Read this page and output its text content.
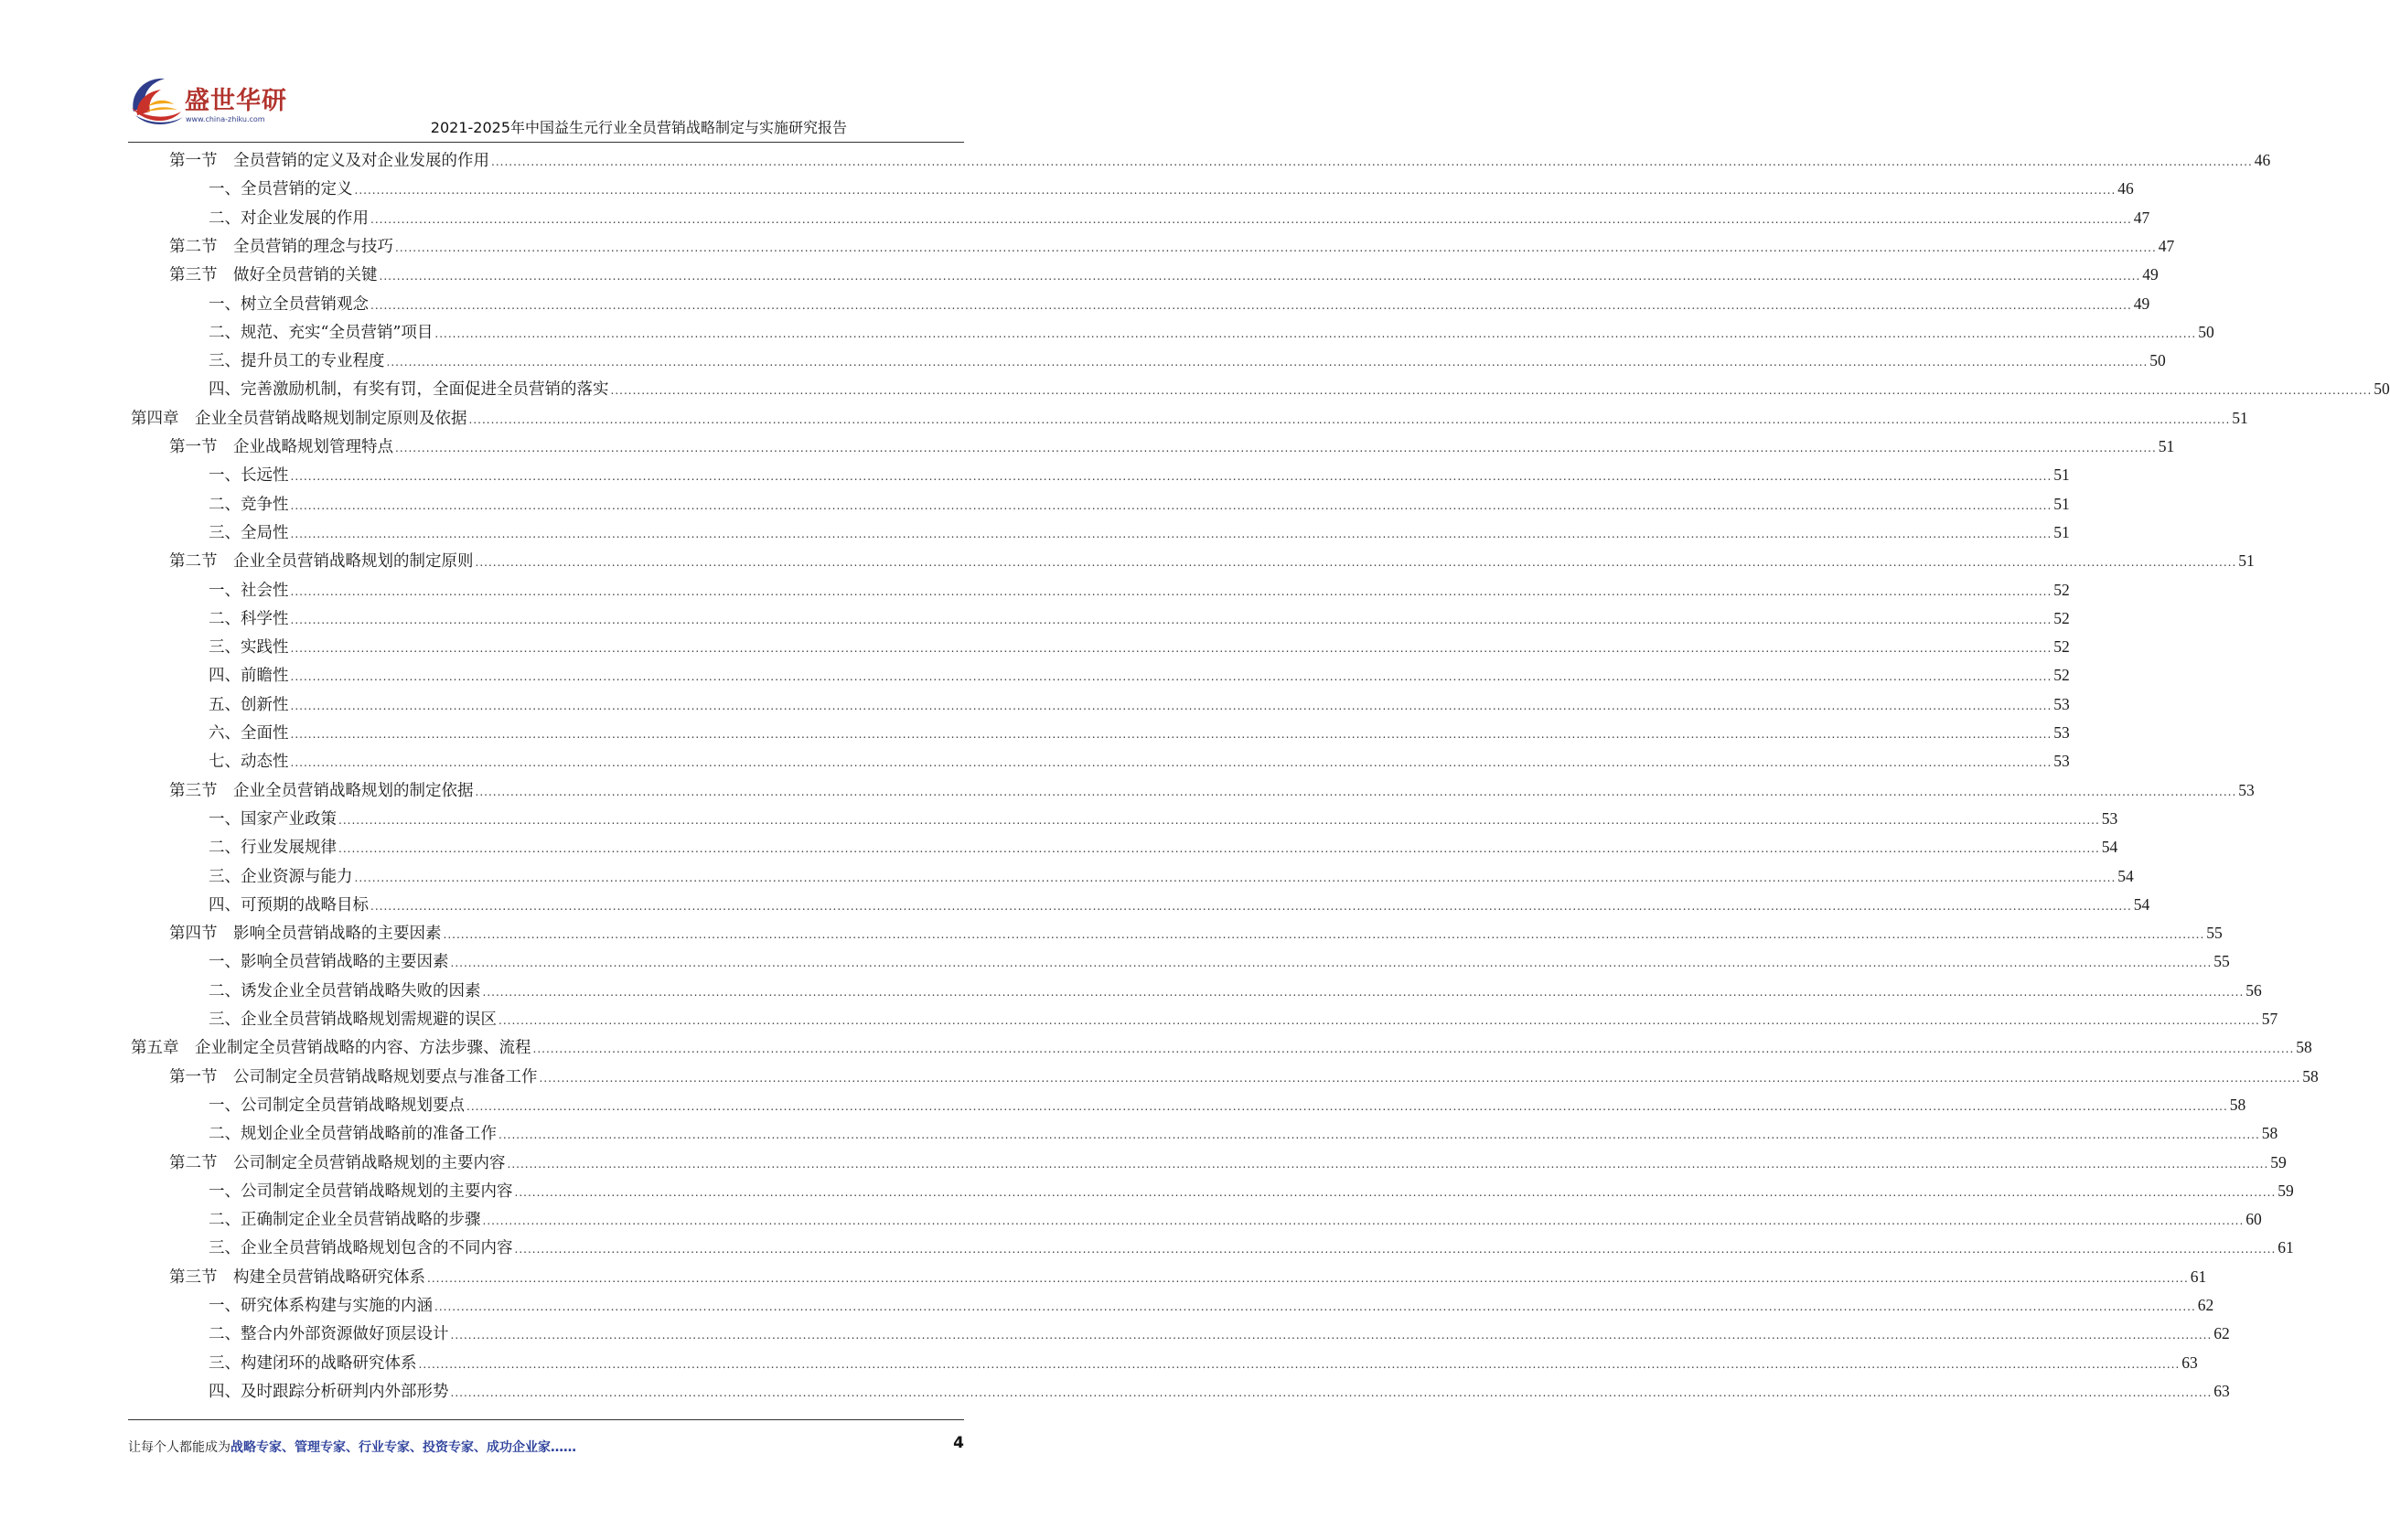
盛世华研
www.china-zhiku.com	2021-2025年中国益生元行业全员营销战略制定与实施研究报告
第一节　全员营销的定义及对企业发展的作用 ................................................................................................................................................................................................................................................................................................................................................................................................................ 46
一、全员营销的定义 ................................................................................................................................................................................................................................................................................................................................................................................................................ 46
二、对企业发展的作用 ................................................................................................................................................................................................................................................................................................................................................................................................................ 47
第二节　全员营销的理念与技巧 ................................................................................................................................................................................................................................................................................................................................................................................................................ 47
第三节　做好全员营销的关键 ................................................................................................................................................................................................................................................................................................................................................................................................................ 49
一、树立全员营销观念 ................................................................................................................................................................................................................................................................................................................................................................................................................ 49
二、规范、充实“全员营销”项目 ................................................................................................................................................................................................................................................................................................................................................................................................................ 50
三、提升员工的专业程度 ................................................................................................................................................................................................................................................................................................................................................................................................................ 50
四、完善激励机制，有奖有罚，全面促进全员营销的落实 ................................................................................................................................................................................................................................................................................................................................................................................................................ 50
第四章　企业全员营销战略规划制定原则及依据 ................................................................................................................................................................................................................................................................................................................................................................................................................ 51
第一节　企业战略规划管理特点 ................................................................................................................................................................................................................................................................................................................................................................................................................ 51
一、长远性 ................................................................................................................................................................................................................................................................................................................................................................................................................ 51
二、竞争性 ................................................................................................................................................................................................................................................................................................................................................................................................................ 51
三、全局性 ................................................................................................................................................................................................................................................................................................................................................................................................................ 51
第二节　企业全员营销战略规划的制定原则 ................................................................................................................................................................................................................................................................................................................................................................................................................ 51
一、社会性 ................................................................................................................................................................................................................................................................................................................................................................................................................ 52
二、科学性 ................................................................................................................................................................................................................................................................................................................................................................................................................ 52
三、实践性 ................................................................................................................................................................................................................................................................................................................................................................................................................ 52
四、前瞻性 ................................................................................................................................................................................................................................................................................................................................................................................................................ 52
五、创新性 ................................................................................................................................................................................................................................................................................................................................................................................................................ 53
六、全面性 ................................................................................................................................................................................................................................................................................................................................................................................................................ 53
七、动态性 ................................................................................................................................................................................................................................................................................................................................................................................................................ 53
第三节　企业全员营销战略规划的制定依据 ................................................................................................................................................................................................................................................................................................................................................................................................................ 53
一、国家产业政策 ................................................................................................................................................................................................................................................................................................................................................................................................................ 53
二、行业发展规律 ................................................................................................................................................................................................................................................................................................................................................................................................................ 54
三、企业资源与能力 ................................................................................................................................................................................................................................................................................................................................................................................................................ 54
四、可预期的战略目标 ................................................................................................................................................................................................................................................................................................................................................................................................................ 54
第四节　影响全员营销战略的主要因素 ................................................................................................................................................................................................................................................................................................................................................................................................................ 55
一、影响全员营销战略的主要因素 ................................................................................................................................................................................................................................................................................................................................................................................................................ 55
二、诱发企业全员营销战略失败的因素 ................................................................................................................................................................................................................................................................................................................................................................................................................ 56
三、企业全员营销战略规划需规避的误区 ................................................................................................................................................................................................................................................................................................................................................................................................................ 57
第五章　企业制定全员营销战略的内容、方法步骤、流程 ................................................................................................................................................................................................................................................................................................................................................................................................................ 58
第一节　公司制定全员营销战略规划要点与准备工作 ................................................................................................................................................................................................................................................................................................................................................................................................................ 58
一、公司制定全员营销战略规划要点 ................................................................................................................................................................................................................................................................................................................................................................................................................ 58
二、规划企业全员营销战略前的准备工作 ................................................................................................................................................................................................................................................................................................................................................................................................................ 58
第二节　公司制定全员营销战略规划的主要内容 ................................................................................................................................................................................................................................................................................................................................................................................................................ 59
一、公司制定全员营销战略规划的主要内容 ................................................................................................................................................................................................................................................................................................................................................................................................................ 59
二、正确制定企业全员营销战略的步骤 ................................................................................................................................................................................................................................................................................................................................................................................................................ 60
三、企业全员营销战略规划包含的不同内容 ................................................................................................................................................................................................................................................................................................................................................................................................................ 61
第三节　构建全员营销战略研究体系 ................................................................................................................................................................................................................................................................................................................................................................................................................ 61
一、研究体系构建与实施的内涵 ................................................................................................................................................................................................................................................................................................................................................................................................................ 62
二、整合内外部资源做好顶层设计 ................................................................................................................................................................................................................................................................................................................................................................................................................ 62
三、构建闭环的战略研究体系 ................................................................................................................................................................................................................................................................................................................................................................................................................ 63
四、及时跟踪分析研判内外部形势 ................................................................................................................................................................................................................................................................................................................................................................................................................ 63
让每个人都能成为战略专家、管理专家、行业专家、投资专家、成功企业家……	4
